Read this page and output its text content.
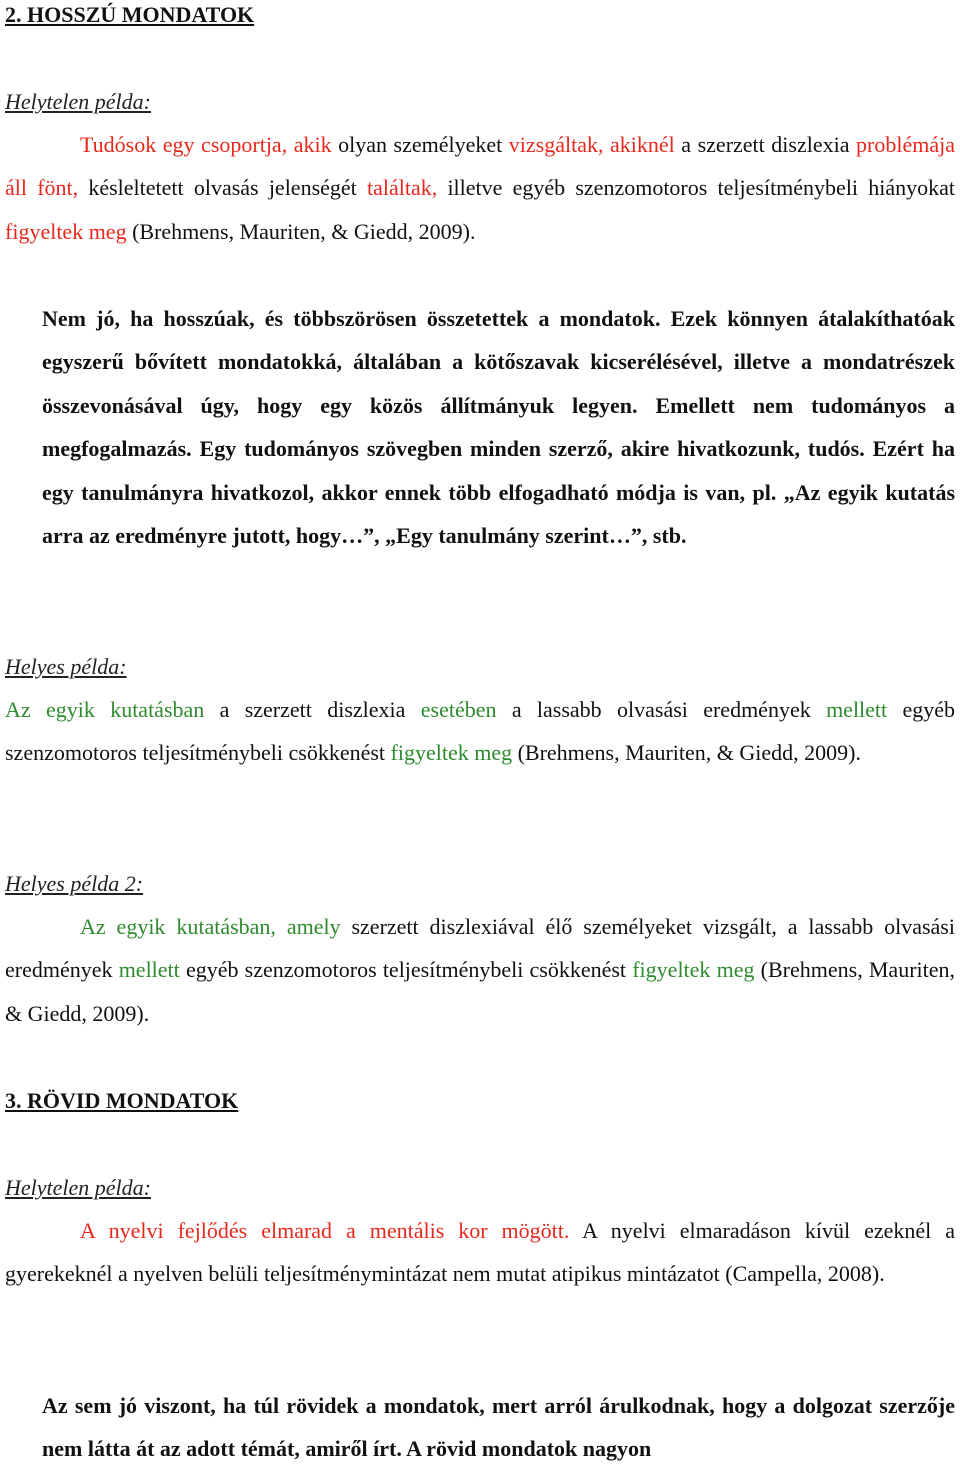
2. HOSSZÚ MONDATOK
Helytelen példa:

Tudósok egy csoportja, akik olyan személyeket vizsgáltak, akiknél a szerzett diszlexia problémája áll fönt, késleltetett olvasás jelenségét találtak, illetve egyéb szenzomotoros teljesítménybeli hiányokat figyeltek meg (Brehmens, Mauriten, & Giedd, 2009).

Nem jó, ha hosszúak, és többszörösen összetettek a mondatok. Ezek könnyen átalakíthatóak egyszerű bővített mondatokká, általában a kötőszavak kicserélésével, illetve a mondatrészek összevonásával úgy, hogy egy közös állítmányuk legyen. Emellett nem tudományos a megfogalmazás. Egy tudományos szövegben minden szerző, akire hivatkozunk, tudós. Ezért ha egy tanulmányra hivatkozol, akkor ennek több elfogadható módja is van, pl. „Az egyik kutatás arra az eredményre jutott, hogy…”, „Egy tanulmány szerint…”, stb.

Helyes példa:

Az egyik kutatásban a szerzett diszlexia esetében a lassabb olvasási eredmények mellett egyéb szenzomotoros teljesítménybeli csökkenést figyeltek meg (Brehmens, Mauriten, & Giedd, 2009).

Helyes példa 2:

Az egyik kutatásban, amely szerzett diszlexiával élő személyeket vizsgált, a lassabb olvasási eredmények mellett egyéb szenzomotoros teljesítménybeli csökkenést figyeltek meg (Brehmens, Mauriten, & Giedd, 2009).

3. RÖVID MONDATOK
Helytelen példa:

A nyelvi fejlődés elmarad a mentális kor mögött. A nyelvi elmaradáson kívül ezeknél a gyerekeknél a nyelven belüli teljesítménymintázat nem mutat atipikus mintázatot (Campella, 2008).

Az sem jó viszont, ha túl rövidek a mondatok, mert arról árulkodnak, hogy a dolgozat szerzője nem látta át az adott témát, amiről írt. A rövid mondatok nagyon
